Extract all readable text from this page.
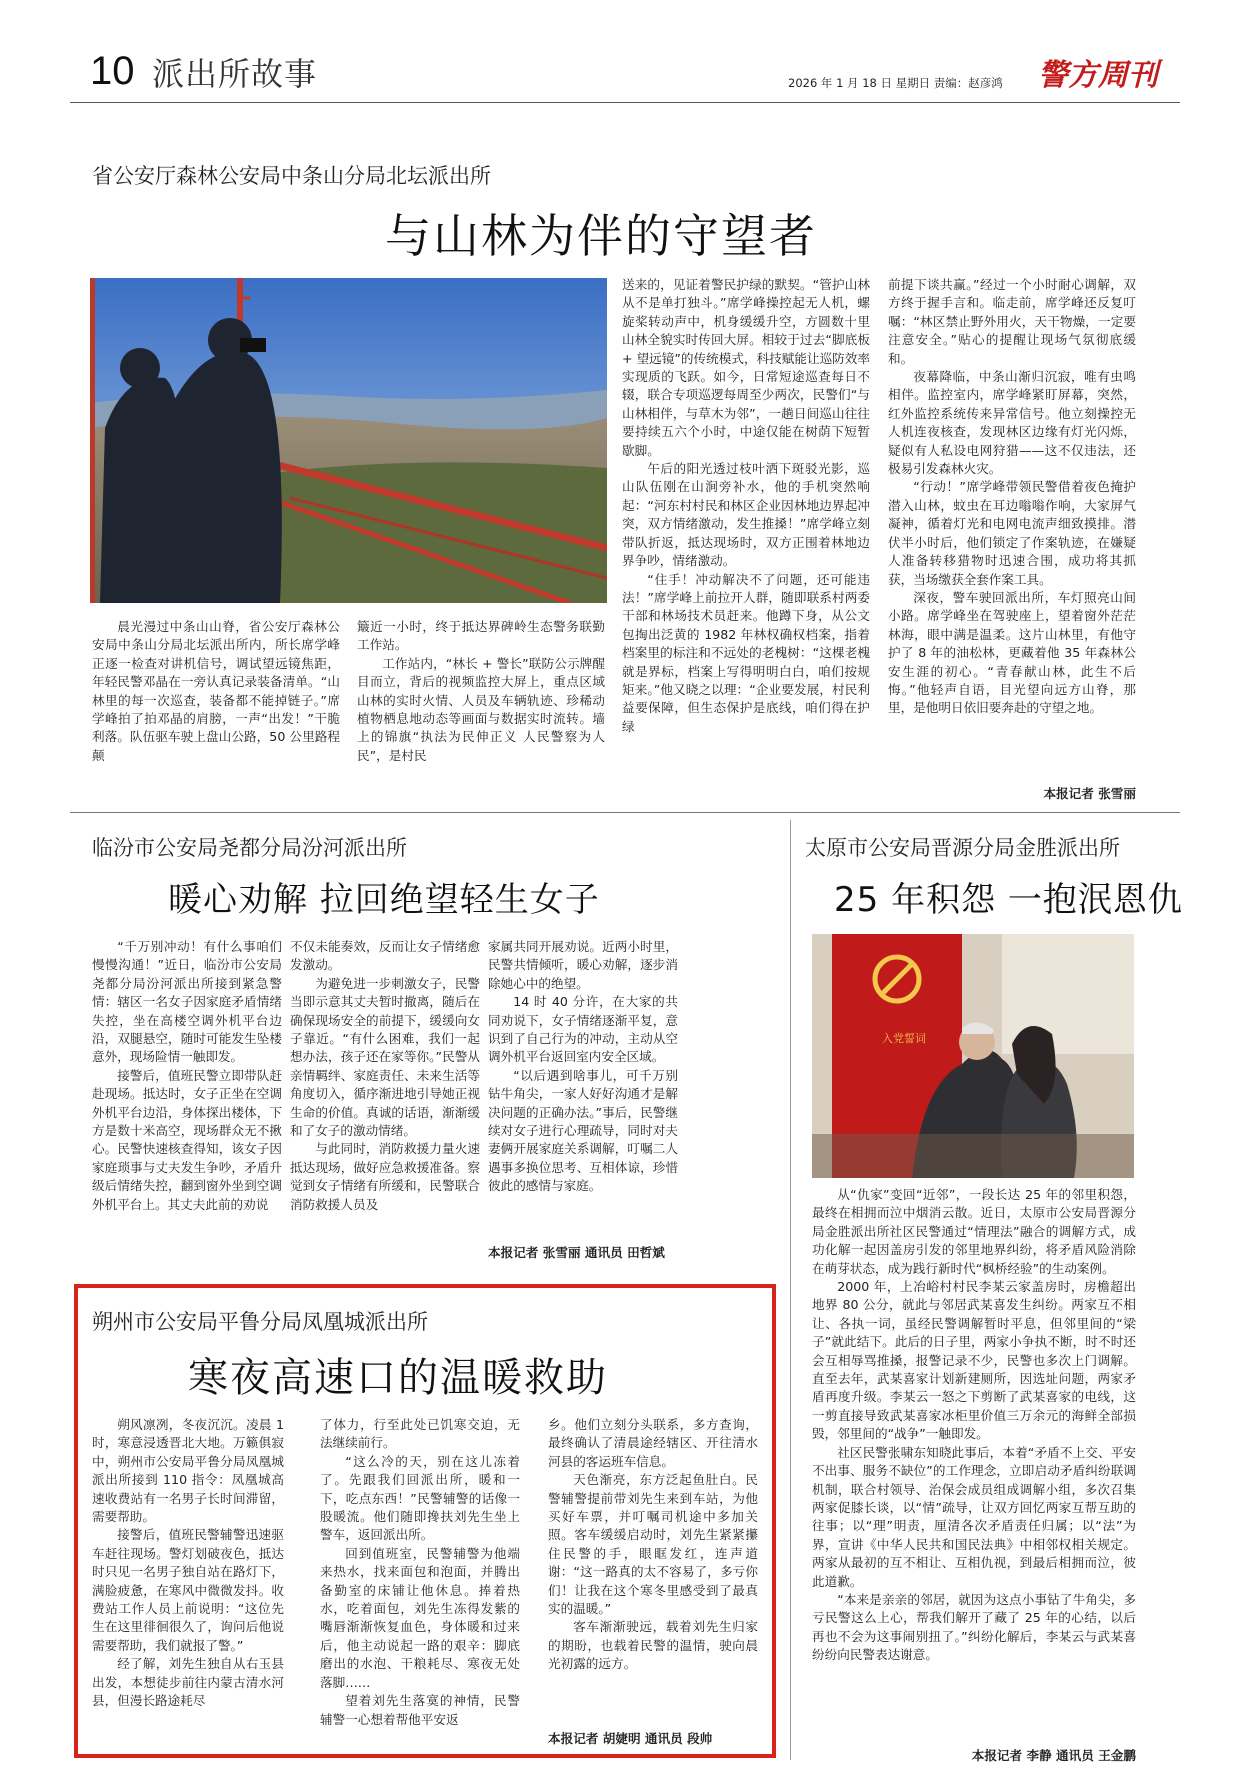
10 派出所故事	2026 年 1 月 18 日 星期日 责编：赵彦鸿 警方周刊
省公安厅森林公安局中条山分局北坛派出所
与山林为伴的守望者

晨光漫过中条山山脊，省公安厅森林公安局中条山分局北坛派出所内，所长席学峰正逐一检查对讲机信号，调试望远镜焦距，年轻民警邓晶在一旁认真记录装备清单。“山林里的每一次巡查，装备都不能掉链子。”席学峰拍了拍邓晶的肩膀，一声“出发！”干脆利落。队伍驱车驶上盘山公路，50 公里路程颠

簸近一小时，终于抵达界碑岭生态警务联勤工作站。

工作站内，“林长 + 警长”联防公示牌醒目而立，背后的视频监控大屏上，重点区域山林的实时火情、人员及车辆轨迹、珍稀动植物栖息地动态等画面与数据实时流转。墙上的锦旗“执法为民伸正义 人民警察为人民”，是村民

送来的，见证着警民护绿的默契。“管护山林从不是单打独斗。”席学峰操控起无人机，螺旋桨转动声中，机身缓缓升空，方圆数十里山林全貌实时传回大屏。相较于过去“脚底板 + 望远镜”的传统模式，科技赋能让巡防效率实现质的飞跃。如今，日常短途巡查每日不辍，联合专项巡逻每周至少两次，民警们“与山林相伴，与草木为邻”，一趟日间巡山往往要持续五六个小时，中途仅能在树荫下短暂歇脚。

午后的阳光透过枝叶洒下斑驳光影，巡山队伍刚在山涧旁补水，他的手机突然响起：“河东村村民和林区企业因林地边界起冲突，双方情绪激动，发生推搡！”席学峰立刻带队折返，抵达现场时，双方正围着林地边界争吵，情绪激动。

“住手！冲动解决不了问题，还可能违法！”席学峰上前拉开人群，随即联系村两委干部和林场技术员赶来。他蹲下身，从公文包掏出泛黄的 1982 年林权确权档案，指着档案里的标注和不远处的老槐树：“这棵老槐就是界标，档案上写得明明白白，咱们按规矩来。”他又晓之以理：“企业要发展，村民利益要保障，但生态保护是底线，咱们得在护绿

前提下谈共赢。”经过一个小时耐心调解，双方终于握手言和。临走前，席学峰还反复叮嘱：“林区禁止野外用火，天干物燥，一定要注意安全。”贴心的提醒让现场气氛彻底缓和。

夜幕降临，中条山渐归沉寂，唯有虫鸣相伴。监控室内，席学峰紧盯屏幕，突然，红外监控系统传来异常信号。他立刻操控无人机连夜核查，发现林区边缘有灯光闪烁，疑似有人私设电网狩猎——这不仅违法，还极易引发森林火灾。

“行动！”席学峰带领民警借着夜色掩护潜入山林，蚊虫在耳边嗡嗡作响，大家屏气凝神，循着灯光和电网电流声细致摸排。潜伏半小时后，他们锁定了作案轨迹，在嫌疑人准备转移猎物时迅速合围，成功将其抓获，当场缴获全套作案工具。

深夜，警车驶回派出所，车灯照亮山间小路。席学峰坐在驾驶座上，望着窗外茫茫林海，眼中满是温柔。这片山林里，有他守护了 8 年的油松林，更藏着他 35 年森林公安生涯的初心。“青春献山林，此生不后悔。”他轻声自语，目光望向远方山脊，那里，是他明日依旧要奔赴的守望之地。

本报记者 张雪丽
临汾市公安局尧都分局汾河派出所
暖心劝解 拉回绝望轻生女子

“千万别冲动！有什么事咱们慢慢沟通！”近日，临汾市公安局尧都分局汾河派出所接到紧急警情：辖区一名女子因家庭矛盾情绪失控，坐在高楼空调外机平台边沿，双腿悬空，随时可能发生坠楼意外，现场险情一触即发。

接警后，值班民警立即带队赶赴现场。抵达时，女子正坐在空调外机平台边沿，身体探出楼体，下方是数十米高空，现场群众无不揪心。民警快速核查得知，该女子因家庭琐事与丈夫发生争吵，矛盾升级后情绪失控，翻到窗外坐到空调外机平台上。其丈夫此前的劝说

不仅未能奏效，反而让女子情绪愈发激动。

为避免进一步刺激女子，民警当即示意其丈夫暂时撤离，随后在确保现场安全的前提下，缓缓向女子靠近。“有什么困难，我们一起想办法，孩子还在家等你。”民警从亲情羁绊、家庭责任、未来生活等角度切入，循序渐进地引导她正视生命的价值。真诚的话语，渐渐缓和了女子的激动情绪。

与此同时，消防救援力量火速抵达现场，做好应急救援准备。察觉到女子情绪有所缓和，民警联合消防救援人员及

家属共同开展劝说。近两小时里，民警共情倾听，暖心劝解，逐步消除她心中的绝望。

14 时 40 分许，在大家的共同劝说下，女子情绪逐渐平复，意识到了自己行为的冲动，主动从空调外机平台返回室内安全区域。

“以后遇到啥事儿，可千万别钻牛角尖，一家人好好沟通才是解决问题的正确办法。”事后，民警继续对女子进行心理疏导，同时对夫妻俩开展家庭关系调解，叮嘱二人遇事多换位思考、互相体谅，珍惜彼此的感情与家庭。

本报记者 张雪丽 通讯员 田哲斌
太原市公安局晋源分局金胜派出所
25 年积怨 一抱泯恩仇
入党誓词

从“仇家”变回“近邻”，一段长达 25 年的邻里积怨，最终在相拥而泣中烟消云散。近日，太原市公安局晋源分局金胜派出所社区民警通过“情理法”融合的调解方式，成功化解一起因盖房引发的邻里地界纠纷，将矛盾风险消除在萌芽状态，成为践行新时代“枫桥经验”的生动案例。

2000 年，上冶峪村村民李某云家盖房时，房檐超出地界 80 公分，就此与邻居武某喜发生纠纷。两家互不相让、各执一词，虽经民警调解暂时平息，但邻里间的“梁子”就此结下。此后的日子里，两家小争执不断，时不时还会互相辱骂推搡，报警记录不少，民警也多次上门调解。直至去年，武某喜家计划新建厕所，因选址问题，两家矛盾再度升级。李某云一怒之下剪断了武某喜家的电线，这一剪直接导致武某喜家冰柜里价值三万余元的海鲜全部损毁，邻里间的“战争”一触即发。

社区民警张啸东知晓此事后，本着“矛盾不上交、平安不出事、服务不缺位”的工作理念，立即启动矛盾纠纷联调机制，联合村领导、治保会成员组成调解小组，多次召集两家促膝长谈，以“情”疏导，让双方回忆两家互帮互助的往事；以“理”明责，厘清各次矛盾责任归属；以“法”为界，宣讲《中华人民共和国民法典》中相邻权相关规定。两家从最初的互不相让、互相仇视，到最后相拥而泣，彼此道歉。

“本来是亲亲的邻居，就因为这点小事钻了牛角尖，多亏民警这么上心，帮我们解开了藏了 25 年的心结，以后再也不会为这事闹别扭了。”纠纷化解后，李某云与武某喜纷纷向民警表达谢意。

本报记者 李静 通讯员 王金鹏
朔州市公安局平鲁分局凤凰城派出所
寒夜高速口的温暖救助

朔风凛冽，冬夜沉沉。凌晨 1 时，寒意浸透晋北大地。万籁俱寂中，朔州市公安局平鲁分局凤凰城派出所接到 110 指令：凤凰城高速收费站有一名男子长时间滞留，需要帮助。

接警后，值班民警辅警迅速驱车赶往现场。警灯划破夜色，抵达时只见一名男子独自站在路灯下，满脸疲惫，在寒风中微微发抖。收费站工作人员上前说明：“这位先生在这里徘徊很久了，询问后他说需要帮助，我们就报了警。”

经了解，刘先生独自从右玉县出发，本想徒步前往内蒙古清水河县，但漫长路途耗尽

了体力，行至此处已饥寒交迫，无法继续前行。

“这么冷的天，别在这儿冻着了。先跟我们回派出所，暖和一下，吃点东西！”民警辅警的话像一股暖流。他们随即搀扶刘先生坐上警车，返回派出所。

回到值班室，民警辅警为他端来热水，找来面包和泡面，并腾出备勤室的床铺让他休息。捧着热水，吃着面包，刘先生冻得发紫的嘴唇渐渐恢复血色，身体暖和过来后，他主动说起一路的艰辛：脚底磨出的水泡、干粮耗尽、寒夜无处落脚……

望着刘先生落寞的神情，民警辅警一心想着帮他平安返

乡。他们立刻分头联系，多方查询，最终确认了清晨途经辖区、开往清水河县的客运班车信息。

天色渐亮，东方泛起鱼肚白。民警辅警提前带刘先生来到车站，为他买好车票，并叮嘱司机途中多加关照。客车缓缓启动时，刘先生紧紧攥住民警的手，眼眶发红，连声道谢：“这一路真的太不容易了，多亏你们！让我在这个寒冬里感受到了最真实的温暖。”

客车渐渐驶远，载着刘先生归家的期盼，也载着民警的温情，驶向晨光初露的远方。

本报记者 胡婕明 通讯员 段帅
